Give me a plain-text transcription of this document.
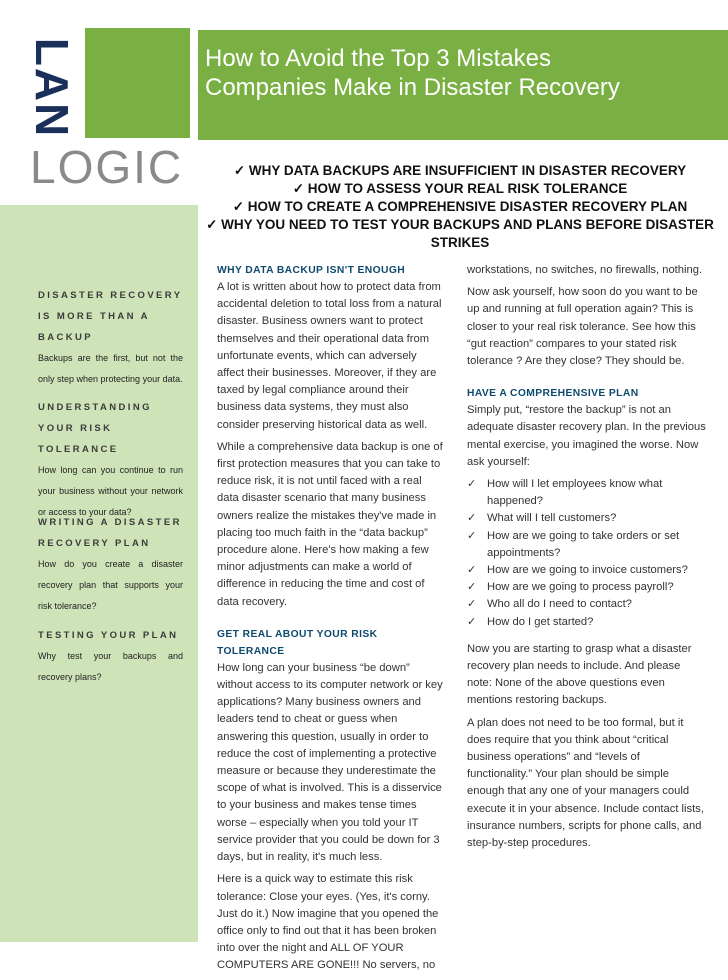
LAN
LOGIC
How to Avoid the Top 3 Mistakes
Companies Make in Disaster Recovery
✓ WHY DATA BACKUPS ARE INSUFFICIENT IN DISASTER RECOVERY
✓ HOW TO ASSESS YOUR REAL RISK TOLERANCE
✓ HOW TO CREATE A COMPREHENSIVE DISASTER RECOVERY PLAN
✓ WHY YOU NEED TO TEST YOUR BACKUPS AND PLANS BEFORE DISASTER STRIKES
DISASTER RECOVERY IS MORE THAN A BACKUP
Backups are the first, but not the only step when protecting your data.
UNDERSTANDING YOUR RISK TOLERANCE
How long can you continue to run your business without your network or access to your data?
WRITING A DISASTER RECOVERY PLAN
How do you create a disaster recovery plan that supports your risk tolerance?
TESTING YOUR PLAN
Why test your backups and recovery plans?
WHY DATA BACKUP ISN'T ENOUGH
A lot is written about how to protect data from accidental deletion to total loss from a natural disaster. Business owners want to protect themselves and their operational data from unfortunate events, which can adversely affect their businesses. Moreover, if they are taxed by legal compliance around their business data systems, they must also consider preserving historical data as well.
While a comprehensive data backup is one of first protection measures that you can take to reduce risk, it is not until faced with a real data disaster scenario that many business owners realize the mistakes they've made in placing too much faith in the “data backup” procedure alone. Here's how making a few minor adjustments can make a world of difference in reducing the time and cost of data recovery.
GET REAL ABOUT YOUR RISK TOLERANCE
How long can your business “be down” without access to its computer network or key applications? Many business owners and leaders tend to cheat or guess when answering this question, usually in order to reduce the cost of implementing a protective measure or because they underestimate the scope of what is involved. This is a disservice to your business and makes tense times worse – especially when you told your IT service provider that you could be down for 3 days, but in reality, it's much less.
Here is a quick way to estimate this risk tolerance: Close your eyes. (Yes, it's corny. Just do it.) Now imagine that you opened the office only to find out that it has been broken into over the night and ALL OF YOUR COMPUTERS ARE GONE!!! No servers, no
workstations, no switches, no firewalls, nothing.
Now ask yourself, how soon do you want to be up and running at full operation again? This is closer to your real risk tolerance. See how this “gut reaction” compares to your stated risk tolerance ? Are they close? They should be.
HAVE A COMPREHENSIVE PLAN
Simply put, “restore the backup” is not an adequate disaster recovery plan. In the previous mental exercise, you imagined the worse. Now ask yourself:
✓ How will I let employees know what happened?
✓ What will I tell customers?
✓ How are we going to take orders or set appointments?
✓ How are we going to invoice customers?
✓ How are we going to process payroll?
✓ Who all do I need to contact?
✓ How do I get started?
Now you are starting to grasp what a disaster recovery plan needs to include. And please note: None of the above questions even mentions restoring backups.
A plan does not need to be too formal, but it does require that you think about “critical business operations” and “levels of functionality.” Your plan should be simple enough that any one of your managers could execute it in your absence. Include contact lists, insurance numbers, scripts for phone calls, and step-by-step procedures.
